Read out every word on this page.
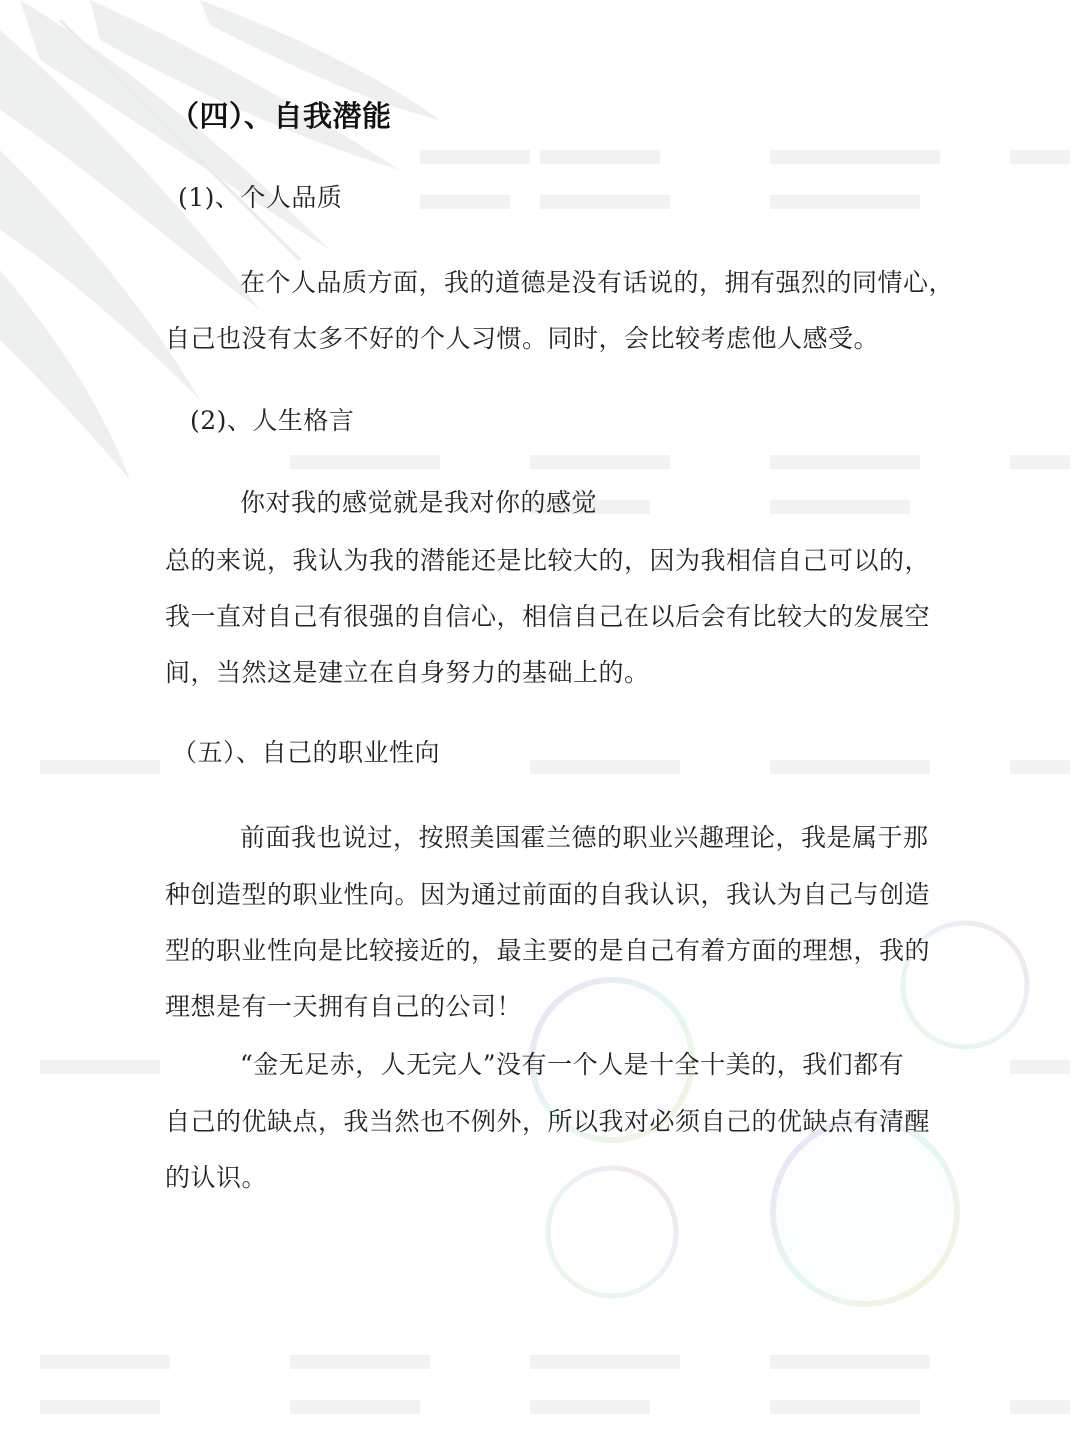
（四）、自我潜能
(1)、个人品质
在个人品质方面，我的道德是没有话说的，拥有强烈的同情心，
自己也没有太多不好的个人习惯。同时，会比较考虑他人感受。
(2)、人生格言
你对我的感觉就是我对你的感觉
总的来说，我认为我的潜能还是比较大的，因为我相信自己可以的，
我一直对自己有很强的自信心，相信自己在以后会有比较大的发展空
间，当然这是建立在自身努力的基础上的。
（五）、自己的职业性向
前面我也说过，按照美国霍兰德的职业兴趣理论，我是属于那
种创造型的职业性向。因为通过前面的自我认识，我认为自己与创造
型的职业性向是比较接近的，最主要的是自己有着方面的理想，我的
理想是有一天拥有自己的公司！
“金无足赤，人无完人”没有一个人是十全十美的，我们都有
自己的优缺点，我当然也不例外，所以我对必须自己的优缺点有清醒
的认识。
